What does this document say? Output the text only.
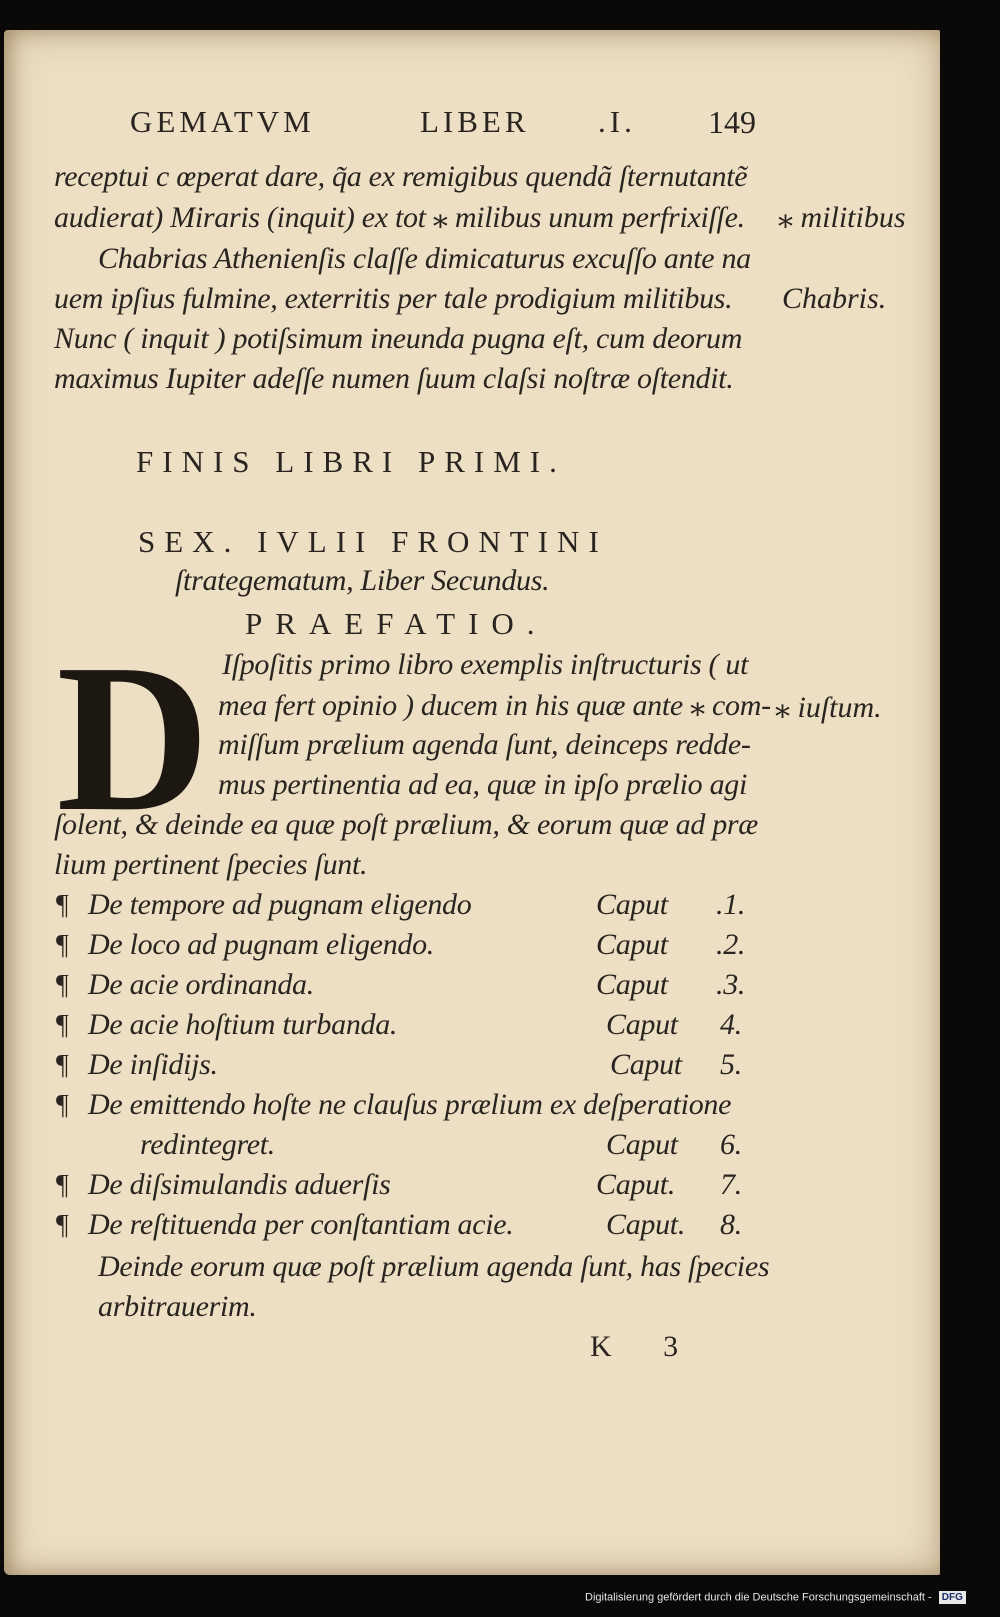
GEMATVM	LIBER .I. 149
receptui c œperat dare, q̃a ex remigibus quendã ſternutantẽ
audierat) Miraris (inquit) ex tot ⁎ milibus unum perfrixiſſe.
Chabrias Athenienſis claſſe dimicaturus excuſſo ante na
uem ipſius fulmine, exterritis per tale prodigium militibus.
Nunc ( inquit ) potiſsimum ineunda pugna eſt, cum deorum
maximus Iupiter adeſſe numen ſuum claſsi noſtræ oſtendit.
⁎ militibus
Chabris.
⁎ iuſtum.
FINIS LIBRI PRIMI.
SEX. IVLII FRONTINI
ſtrategematum, Liber Secundus.
PRAEFATIO.
D Iſpoſitis primo libro exemplis inſtructuris ( ut
mea fert opinio ) ducem in his quæ ante ⁎ com-
miſſum prælium agenda ſunt, deinceps redde-
mus pertinentia ad ea, quæ in ipſo prælio agi
ſolent, & deinde ea quæ poſt prælium, & eorum quæ ad præ
lium pertinent ſpecies ſunt.
¶ De tempore ad pugnam eligendo	Caput .1.
¶ De loco ad pugnam eligendo.	Caput .2.
¶ De acie ordinanda.	Caput .3.
¶ De acie hoſtium turbanda.	Caput 4.
¶ De inſidijs.	Caput 5.
¶ De emittendo hoſte ne clauſus prælium ex deſperatione
redintegret.	Caput 6.
¶ De diſsimulandis aduerſis	Caput. 7.
¶ De reſtituenda per conſtantiam acie.	Caput. 8.
Deinde eorum quæ poſt prælium agenda ſunt, has ſpecies
arbitrauerim.
K 3
Digitalisierung gefördert durch die Deutsche Forschungsgemeinschaft - DFG
